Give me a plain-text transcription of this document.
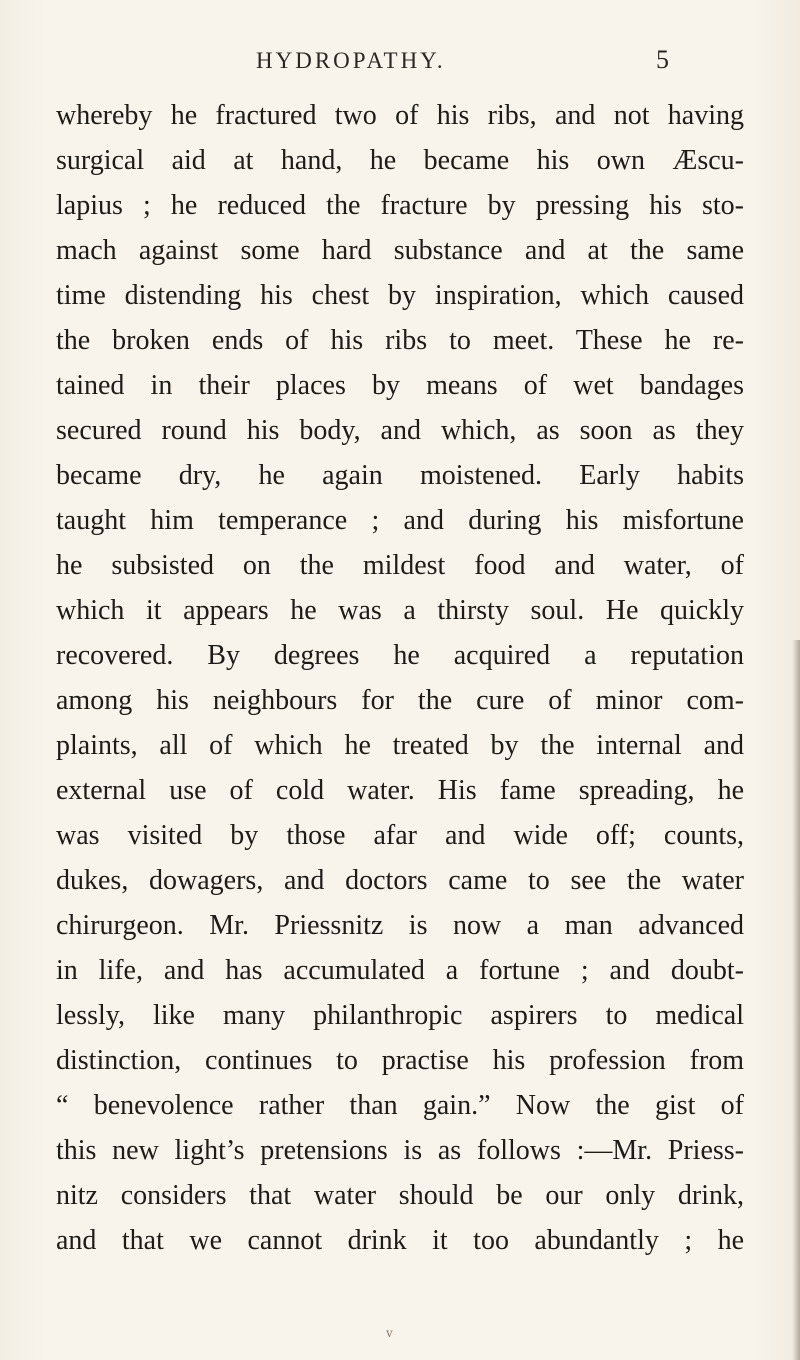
HYDROPATHY.	5
whereby he fractured two of his ribs, and not having
surgical aid at hand, he became his own Æscu-
lapius ; he reduced the fracture by pressing his sto-
mach against some hard substance and at the same
time distending his chest by inspiration, which caused
the broken ends of his ribs to meet. These he re-
tained in their places by means of wet bandages
secured round his body, and which, as soon as they
became dry, he again moistened. Early habits
taught him temperance ; and during his misfortune
he subsisted on the mildest food and water, of
which it appears he was a thirsty soul. He quickly
recovered. By degrees he acquired a reputation
among his neighbours for the cure of minor com-
plaints, all of which he treated by the internal and
external use of cold water. His fame spreading, he
was visited by those afar and wide off; counts,
dukes, dowagers, and doctors came to see the water
chirurgeon. Mr. Priessnitz is now a man advanced
in life, and has accumulated a fortune ; and doubt-
lessly, like many philanthropic aspirers to medical
distinction, continues to practise his profession from
“ benevolence rather than gain.” Now the gist of
this new light’s pretensions is as follows :—Mr. Priess-
nitz considers that water should be our only drink,
and that we cannot drink it too abundantly ; he
v
